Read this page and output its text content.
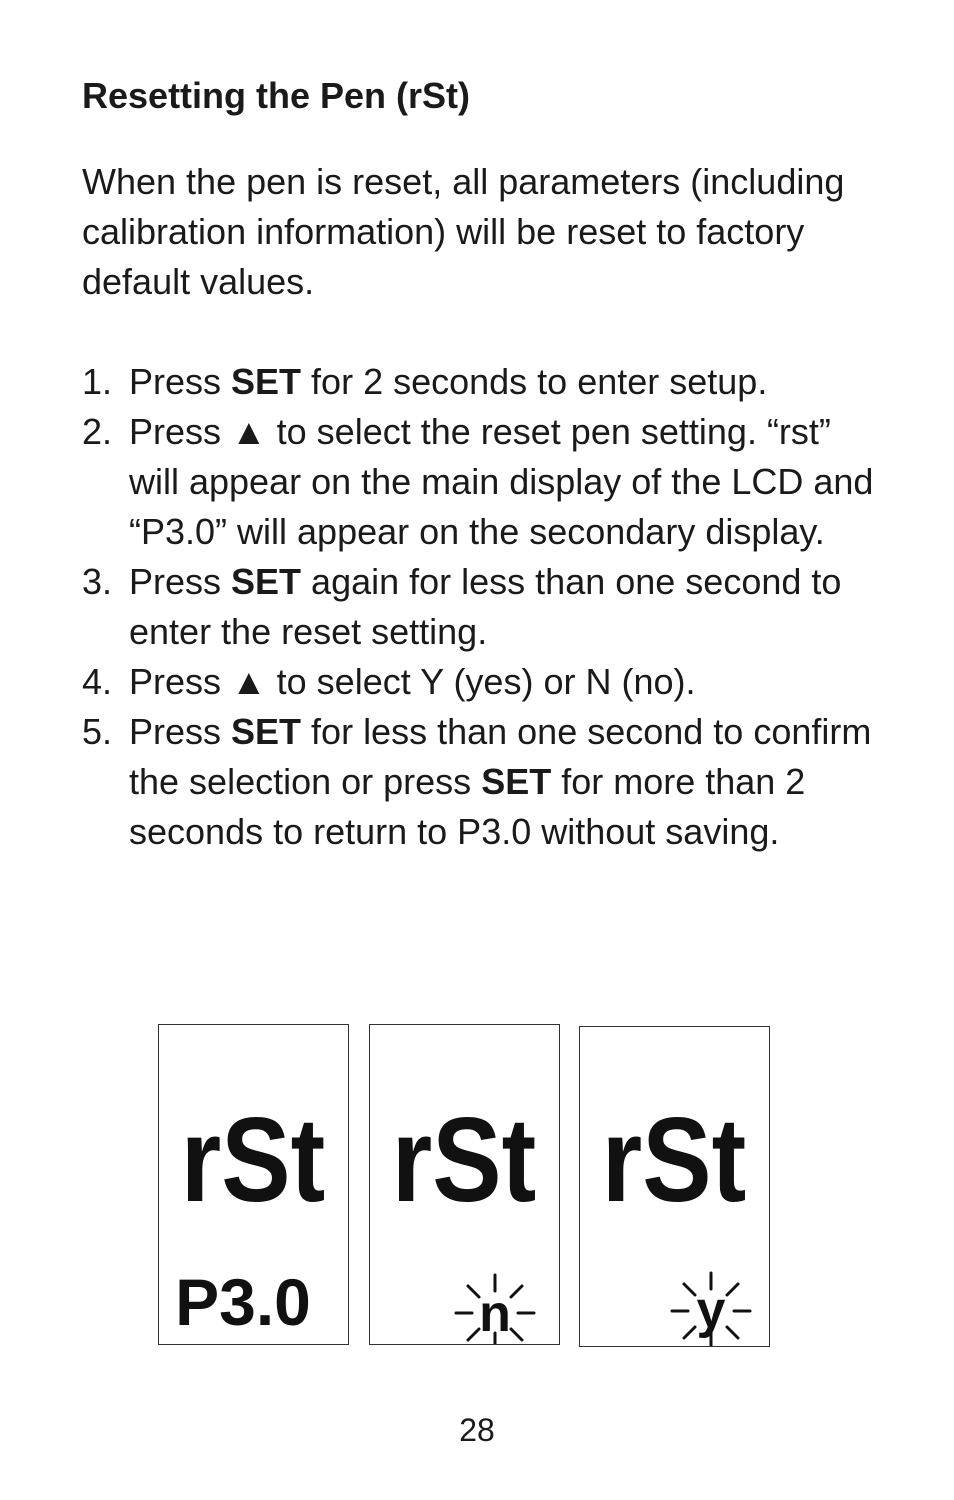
Resetting the Pen (rSt)

When the pen is reset, all parameters (including calibration information) will be reset to factory default values.

1. Press SET for 2 seconds to enter setup.
2. Press ▲ to select the reset pen setting. “rst” will appear on the main display of the LCD and “P3.0” will appear on the secondary display.
3. Press SET again for less than one second to enter the reset setting.
4. Press ▲ to select Y (yes) or N (no).
5. Press SET for less than one second to confirm the selection or press SET for more than 2 seconds to return to P3.0 without saving.
rSt
P3.0
rSt
n
rSt
y

28
